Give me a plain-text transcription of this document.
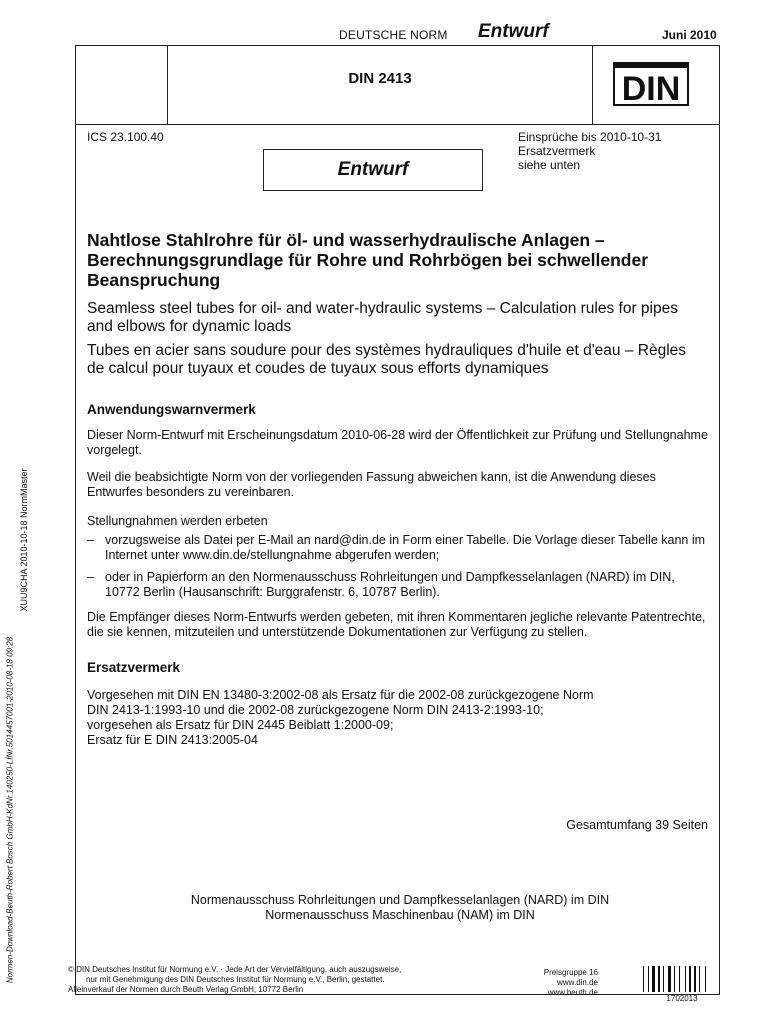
DEUTSCHE NORM Entwurf	Juni 2010
DIN 2413	DIN
ICS 23.100.40
Entwurf
Einsprüche bis 2010-10-31
Ersatzvermerk
siehe unten
Nahtlose Stahlrohre für öl- und wasserhydraulische Anlagen – Berechnungsgrundlage für Rohre und Rohrbögen bei schwellender Beanspruchung
Seamless steel tubes for oil- and water-hydraulic systems – Calculation rules for pipes and elbows for dynamic loads
Tubes en acier sans soudure pour des systèmes hydrauliques d'huile et d'eau – Règles de calcul pour tuyaux et coudes de tuyaux sous efforts dynamiques
Anwendungswarnvermerk
Dieser Norm-Entwurf mit Erscheinungsdatum 2010-06-28 wird der Öffentlichkeit zur Prüfung und Stellungnahme vorgelegt.
Weil die beabsichtigte Norm von der vorliegenden Fassung abweichen kann, ist die Anwendung dieses Entwurfes besonders zu vereinbaren.
Stellungnahmen werden erbeten
– vorzugsweise als Datei per E-Mail an nard@din.de in Form einer Tabelle. Die Vorlage dieser Tabelle kann im Internet unter www.din.de/stellungnahme abgerufen werden;
– oder in Papierform an den Normenausschuss Rohrleitungen und Dampfkesselanlagen (NARD) im DIN, 10772 Berlin (Hausanschrift: Burggrafenstr. 6, 10787 Berlin).
Die Empfänger dieses Norm-Entwurfs werden gebeten, mit ihren Kommentaren jegliche relevante Patentrechte, die sie kennen, mitzuteilen und unterstützende Dokumentationen zur Verfügung zu stellen.
Ersatzvermerk
Vorgesehen mit DIN EN 13480-3:2002-08 als Ersatz für die 2002-08 zurückgezogene Norm
DIN 2413-1:1993-10 und die 2002-08 zurückgezogene Norm DIN 2413-2:1993-10;
vorgesehen als Ersatz für DIN 2445 Beiblatt 1:2000-09;
Ersatz für E DIN 2413:2005-04
Gesamtumfang 39 Seiten
Normenausschuss Rohrleitungen und Dampfkesselanlagen (NARD) im DIN
Normenausschuss Maschinenbau (NAM) im DIN
© DIN Deutsches Institut für Normung e.V. · Jede Art der Vervielfältigung, auch auszugsweise,
nur mit Genehmigung des DIN Deutsches Institut für Normung e.V., Berlin, gestattet.
Alleinverkauf der Normen durch Beuth Verlag GmbH, 10772 Berlin
Preisgruppe 16
www.din.de
www.beuth.de
1702013
XUU9CHA 2010-10-18 NormMaster
Normen-Download-Beuth-Robert Bosch GmbH-KdNr.140250-LfNr.5014457001-2010-08-18 09:28
